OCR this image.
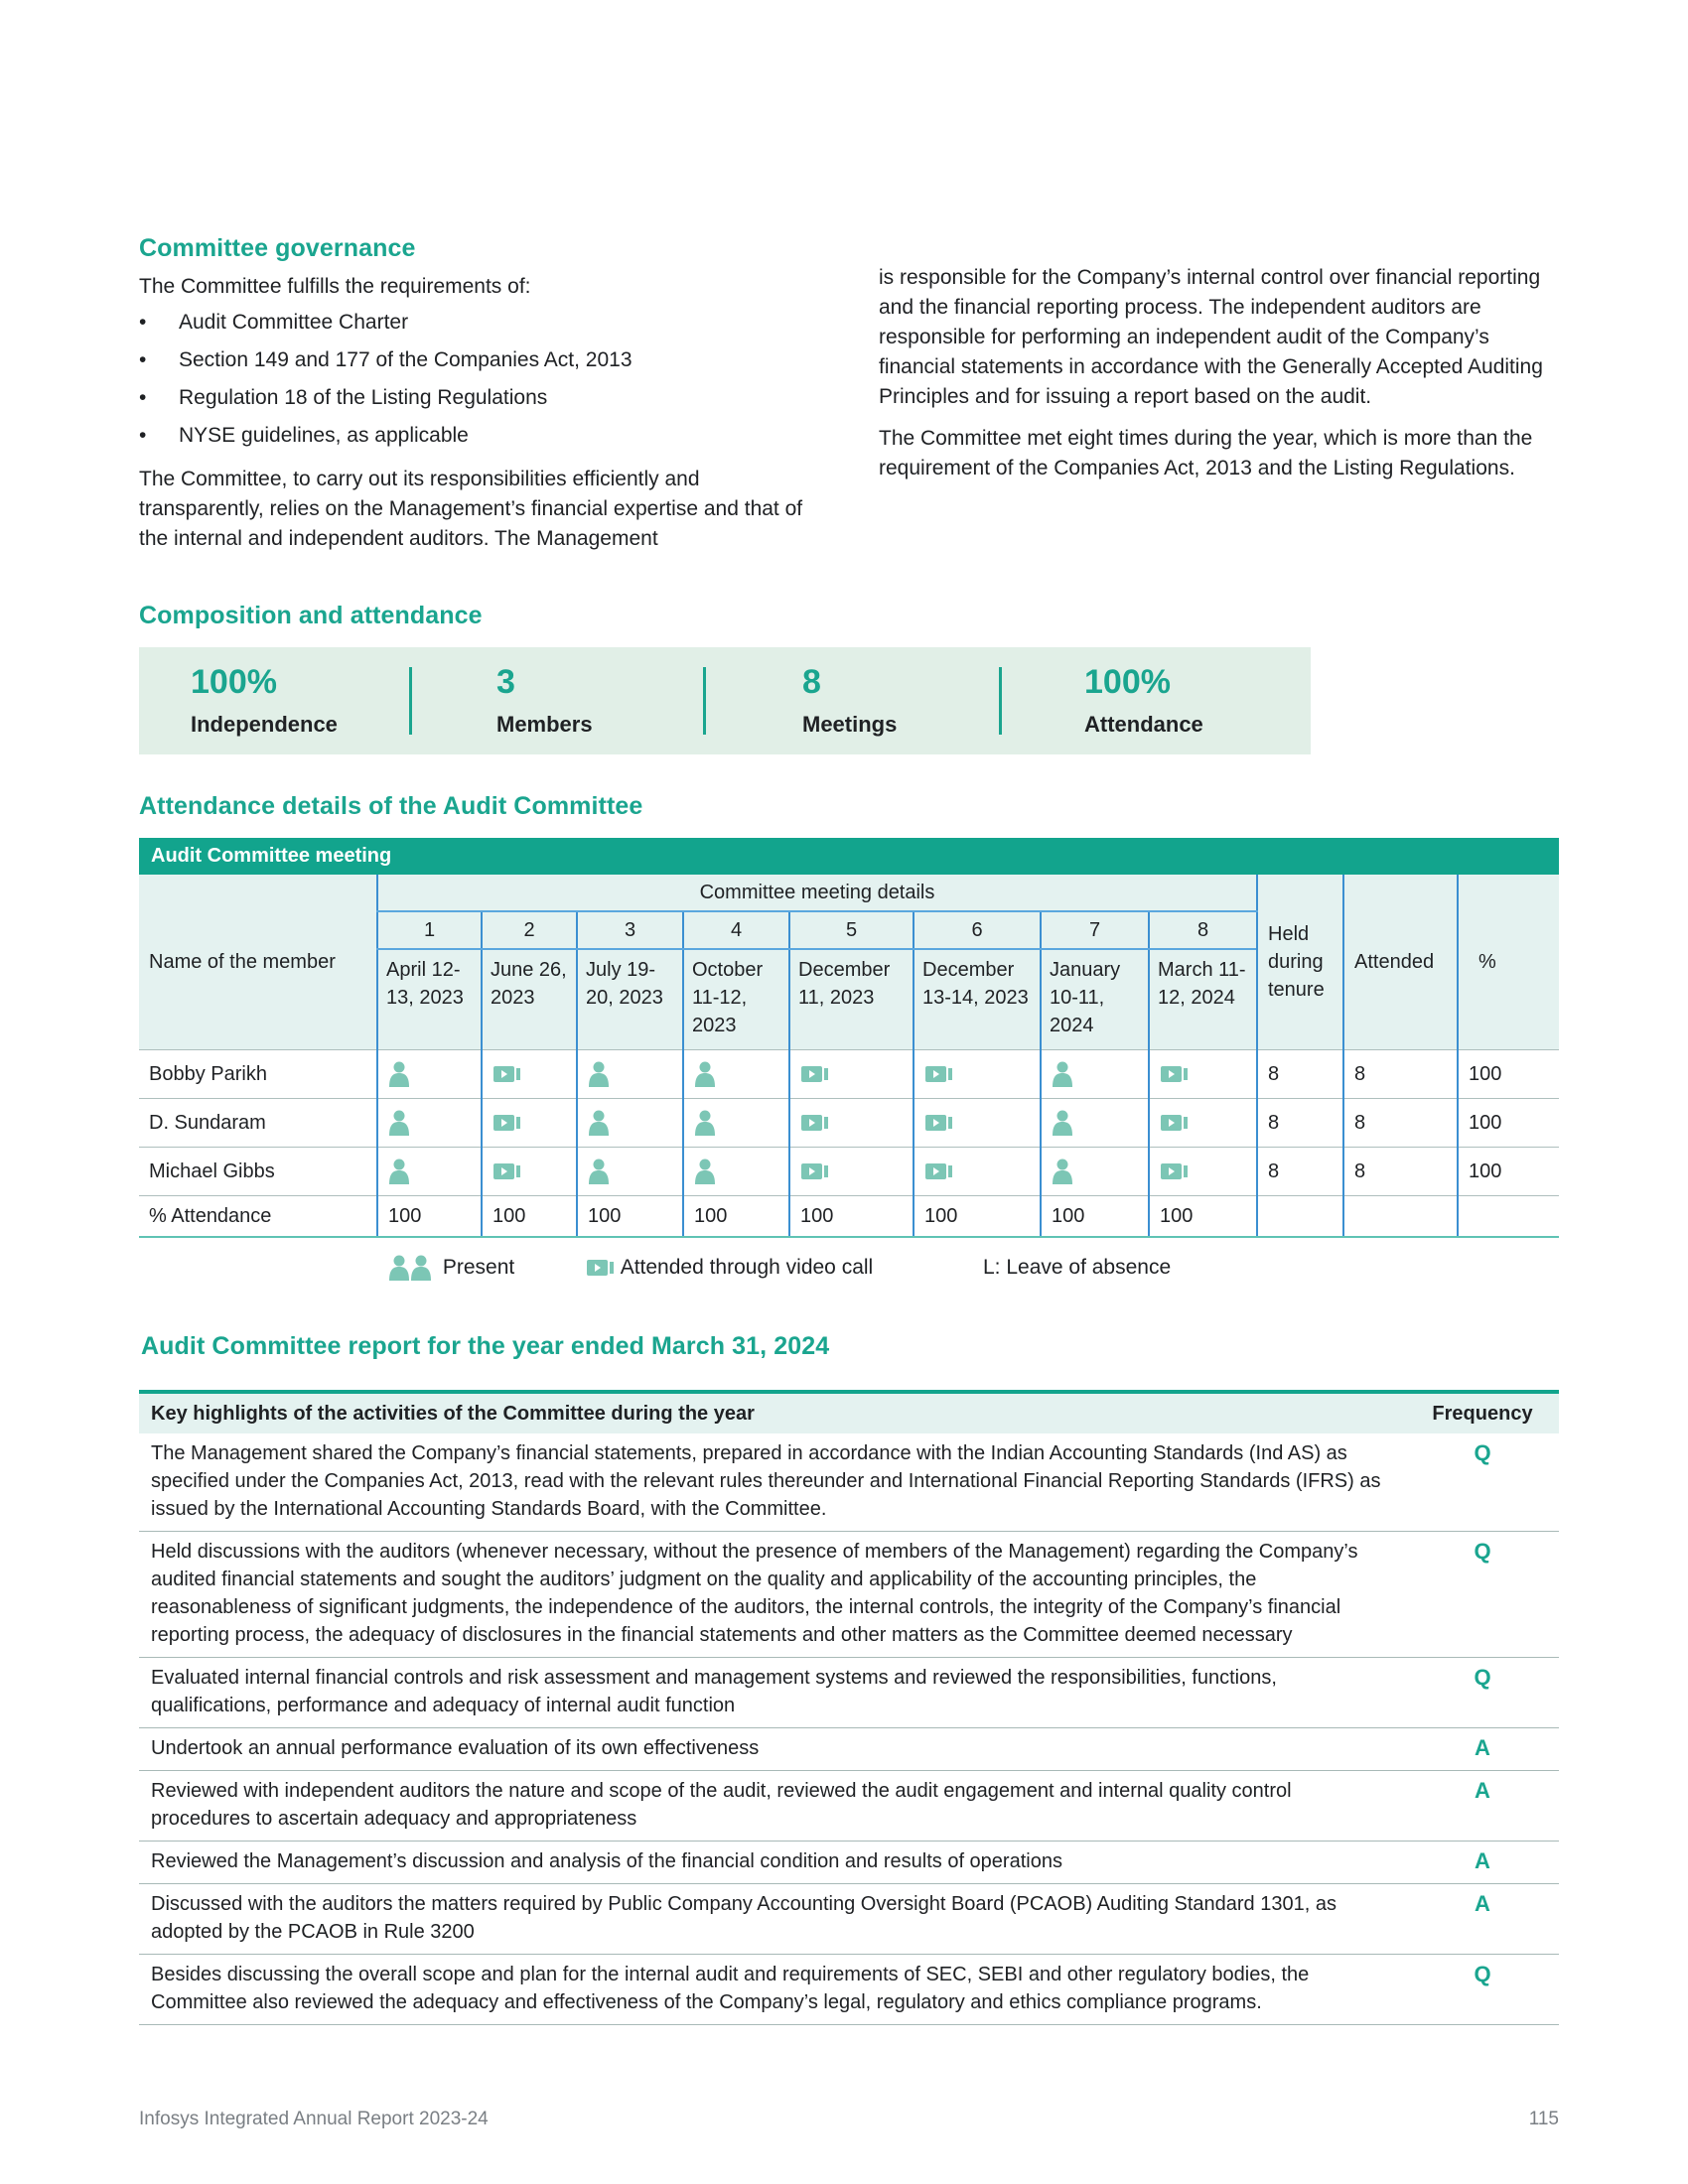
Committee governance

The Committee fulfills the requirements of:

• Audit Committee Charter
• Section 149 and 177 of the Companies Act, 2013
• Regulation 18 of the Listing Regulations
• NYSE guidelines, as applicable

The Committee, to carry out its responsibilities efficiently and transparently, relies on the Management’s financial expertise and that of the internal and independent auditors. The Management

is responsible for the Company’s internal control over financial reporting and the financial reporting process. The independent auditors are responsible for performing an independent audit of the Company’s financial statements in accordance with the Generally Accepted Auditing Principles and for issuing a report based on the audit.

The Committee met eight times during the year, which is more than the requirement of the Companies Act, 2013 and the Listing Regulations.

Composition and attendance
100%
Independence
3
Members
8
Meetings
100%
Attendance
Attendance details of the Audit Committee
Audit Committee meeting											
Name of the member	Committee meeting details								Held during tenure	Attended	%
	1	2	3	4	5	6	7	8			
	April 12-13, 2023	June 26, 2023	July 19-20, 2023	October 11-12, 2023	December 11, 2023	December 13-14, 2023	January 10-11, 2024	March 11-12, 2024			
Bobby Parikh									8	8	100
D. Sundaram									8	8	100
Michael Gibbs									8	8	100
% Attendance	100	100	100	100	100	100	100	100			
Present	Attended through video call	L: Leave of absence
Audit Committee report for the year ended March 31, 2024
Key highlights of the activities of the Committee during the year	Frequency
The Management shared the Company’s financial statements, prepared in accordance with the Indian Accounting Standards (Ind AS) as specified under the Companies Act, 2013, read with the relevant rules thereunder and International Financial Reporting Standards (IFRS) as issued by the International Accounting Standards Board, with the Committee.	Q
Held discussions with the auditors (whenever necessary, without the presence of members of the Management) regarding the Company’s audited financial statements and sought the auditors’ judgment on the quality and applicability of the accounting principles, the reasonableness of significant judgments, the independence of the auditors, the internal controls, the integrity of the Company’s financial reporting process, the adequacy of disclosures in the financial statements and other matters as the Committee deemed necessary	Q
Evaluated internal financial controls and risk assessment and management systems and reviewed the responsibilities, functions, qualifications, performance and adequacy of internal audit function	Q
Undertook an annual performance evaluation of its own effectiveness	A
Reviewed with independent auditors the nature and scope of the audit, reviewed the audit engagement and internal quality control procedures to ascertain adequacy and appropriateness	A
Reviewed the Management’s discussion and analysis of the financial condition and results of operations	A
Discussed with the auditors the matters required by Public Company Accounting Oversight Board (PCAOB) Auditing Standard 1301, as adopted by the PCAOB in Rule 3200	A
Besides discussing the overall scope and plan for the internal audit and requirements of SEC, SEBI and other regulatory bodies, the Committee also reviewed the adequacy and effectiveness of the Company’s legal, regulatory and ethics compliance programs.	Q
Infosys Integrated Annual Report 2023-24	115
